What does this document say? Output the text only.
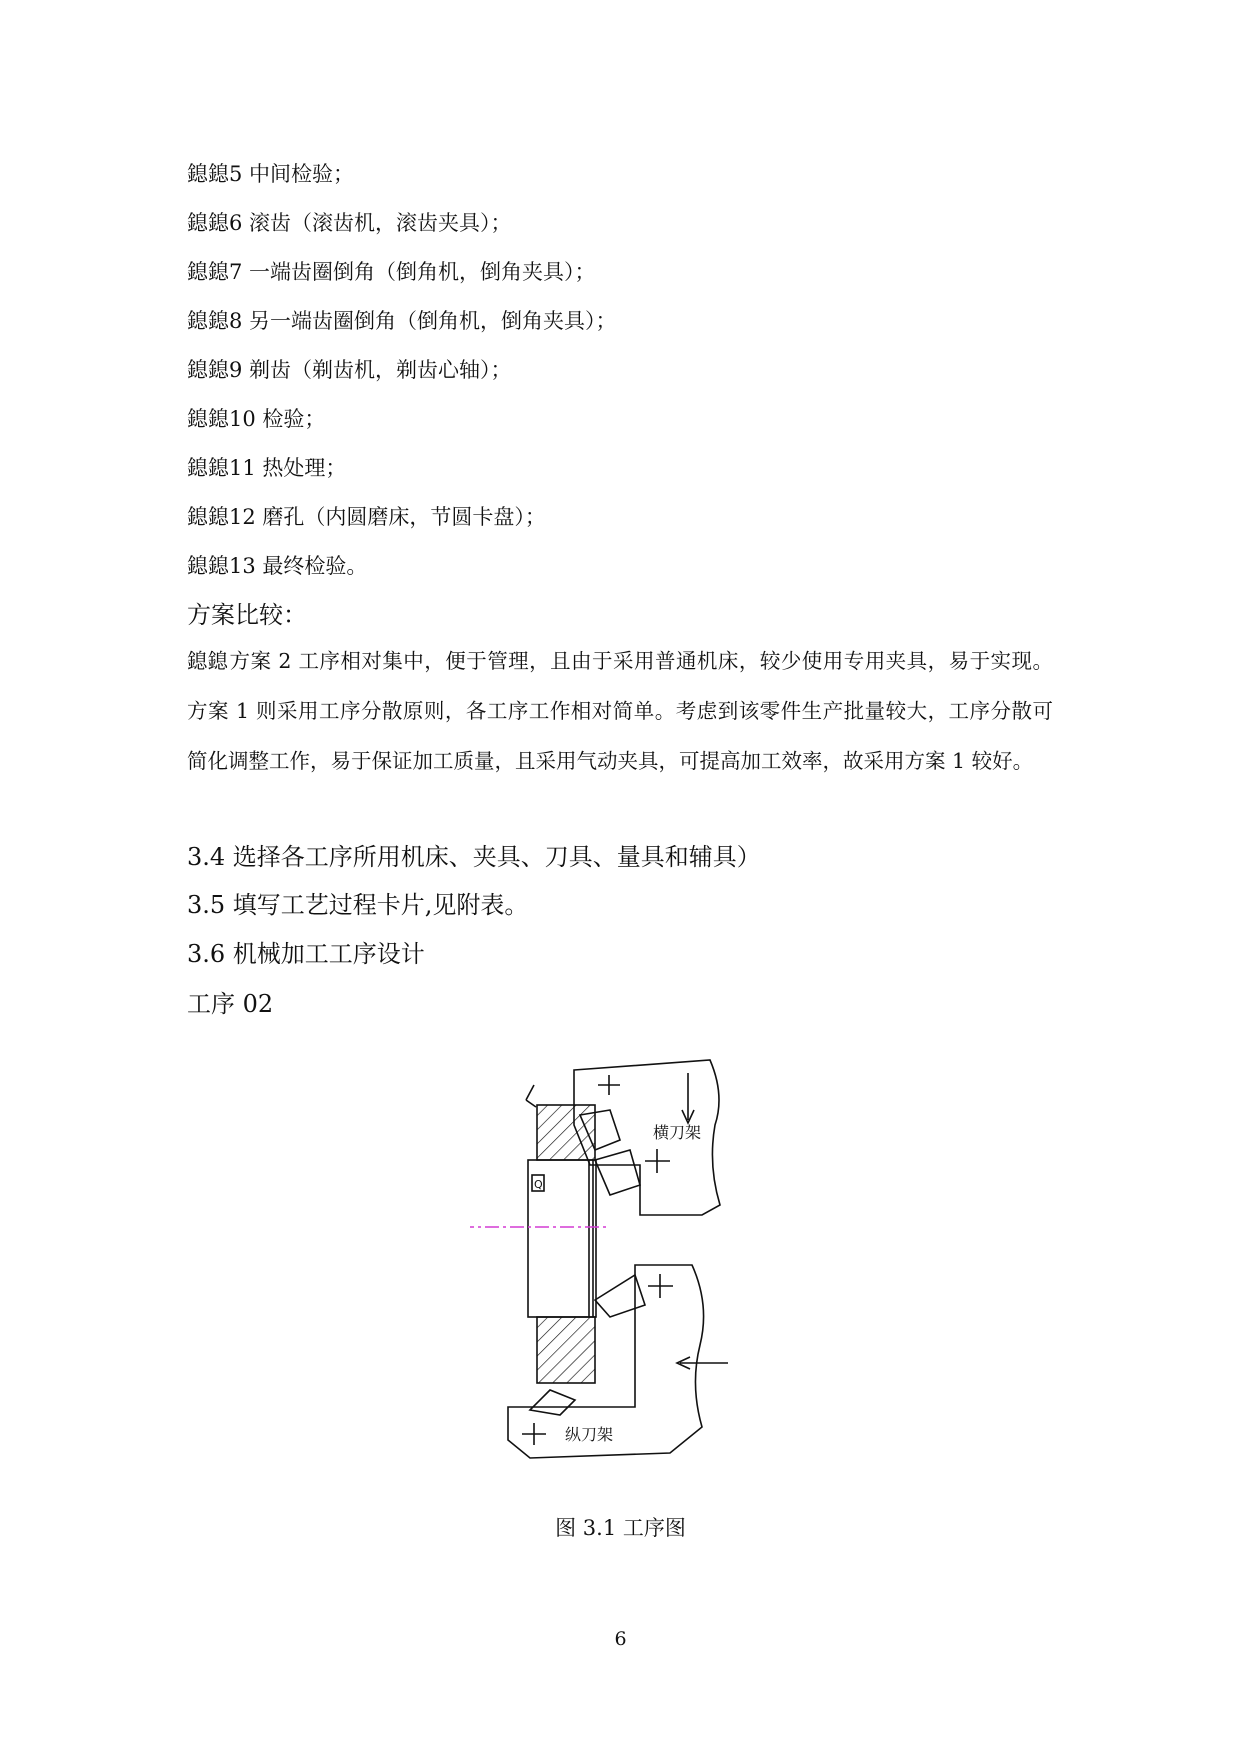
鎴鎴5 中间检验；
鎴鎴6 滚齿（滚齿机，滚齿夹具）；
鎴鎴7 一端齿圈倒角（倒角机，倒角夹具）；
鎴鎴8 另一端齿圈倒角（倒角机，倒角夹具）；
鎴鎴9 剃齿（剃齿机，剃齿心轴）；
鎴鎴10 检验；
鎴鎴11 热处理；
鎴鎴12 磨孔（内圆磨床，节圆卡盘）；
鎴鎴13 最终检验。
方案比较：
鎴鎴方案 2 工序相对集中，便于管理，且由于采用普通机床，较少使用专用夹具，易于实现。方案 1 则采用工序分散原则，各工序工作相对简单。考虑到该零件生产批量较大，工序分散可简化调整工作，易于保证加工质量，且采用气动夹具，可提高加工效率，故采用方案 1 较好。
3.4 选择各工序所用机床、夹具、刀具、量具和辅具）
3.5 填写工艺过程卡片,见附表。
3.6 机械加工工序设计
工序 02
Q
横刀架
纵刀架
图 3.1 工序图
6
